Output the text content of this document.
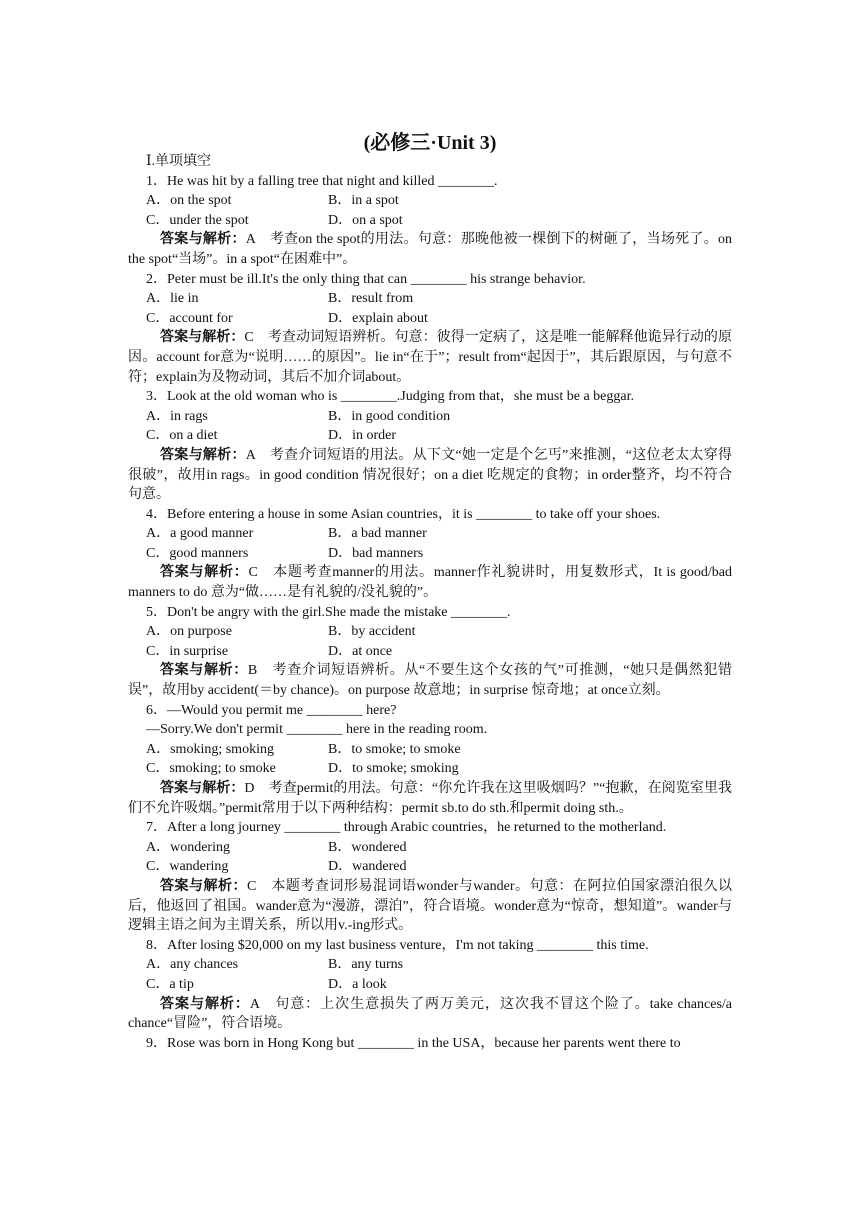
(必修三·Unit 3)
Ⅰ.单项填空
1．He was hit by a falling tree that night and killed ________.
A．on the spot	B．in a spot
C．under the spot	D．on a spot
答案与解析：A　考查on the spot的用法。句意：那晚他被一棵倒下的树砸了，当场死了。on the spot“当场”。in a spot“在困难中”。
2．Peter must be ill.It's the only thing that can ________ his strange behavior.
A．lie in	B．result from
C．account for	D．explain about
答案与解析：C　考查动词短语辨析。句意：彼得一定病了，这是唯一能解释他诡异行动的原因。account for意为“说明……的原因”。lie in“在于”；result from“起因于”，其后跟原因，与句意不符；explain为及物动词，其后不加介词about。
3．Look at the old woman who is ________.Judging from that，she must be a beggar.
A．in rags	B．in good condition
C．on a diet	D．in order
答案与解析：A　考查介词短语的用法。从下文“她一定是个乞丐”来推测，“这位老太太穿得很破”，故用in rags。in good condition 情况很好；on a diet 吃规定的食物；in order整齐，均不符合句意。
4．Before entering a house in some Asian countries，it is ________ to take off your shoes.
A．a good manner	B．a bad manner
C．good manners	D．bad manners
答案与解析：C　本题考查manner的用法。manner作礼貌讲时，用复数形式，It is good/bad manners to do 意为“做……是有礼貌的/没礼貌的”。
5．Don't be angry with the girl.She made the mistake ________.
A．on purpose	B．by accident
C．in surprise	D．at once
答案与解析：B　考查介词短语辨析。从“不要生这个女孩的气”可推测，“她只是偶然犯错误”，故用by accident(＝by chance)。on purpose 故意地；in surprise 惊奇地；at once立刻。
6．—Would you permit me ________ here?
—Sorry.We don't permit ________ here in the reading room.
A．smoking; smoking	B．to smoke; to smoke
C．smoking; to smoke	D．to smoke; smoking
答案与解析：D　考查permit的用法。句意：“你允许我在这里吸烟吗？”“抱歉，在阅览室里我们不允许吸烟。”permit常用于以下两种结构：permit sb.to do sth.和permit doing sth.。
7．After a long journey ________ through Arabic countries，he returned to the motherland.
A．wondering	B．wondered
C．wandering	D．wandered
答案与解析：C　本题考查词形易混词语wonder与wander。句意：在阿拉伯国家漂泊很久以后，他返回了祖国。wander意为“漫游，漂泊”，符合语境。wonder意为“惊奇，想知道”。wander与逻辑主语之间为主谓关系，所以用v.-ing形式。
8．After losing $20,000 on my last business venture，I'm not taking ________ this time.
A．any chances	B．any turns
C．a tip	D．a look
答案与解析：A　句意：上次生意损失了两万美元，这次我不冒这个险了。take chances/a chance“冒险”，符合语境。
9．Rose was born in Hong Kong but ________ in the USA，because her parents went there to
